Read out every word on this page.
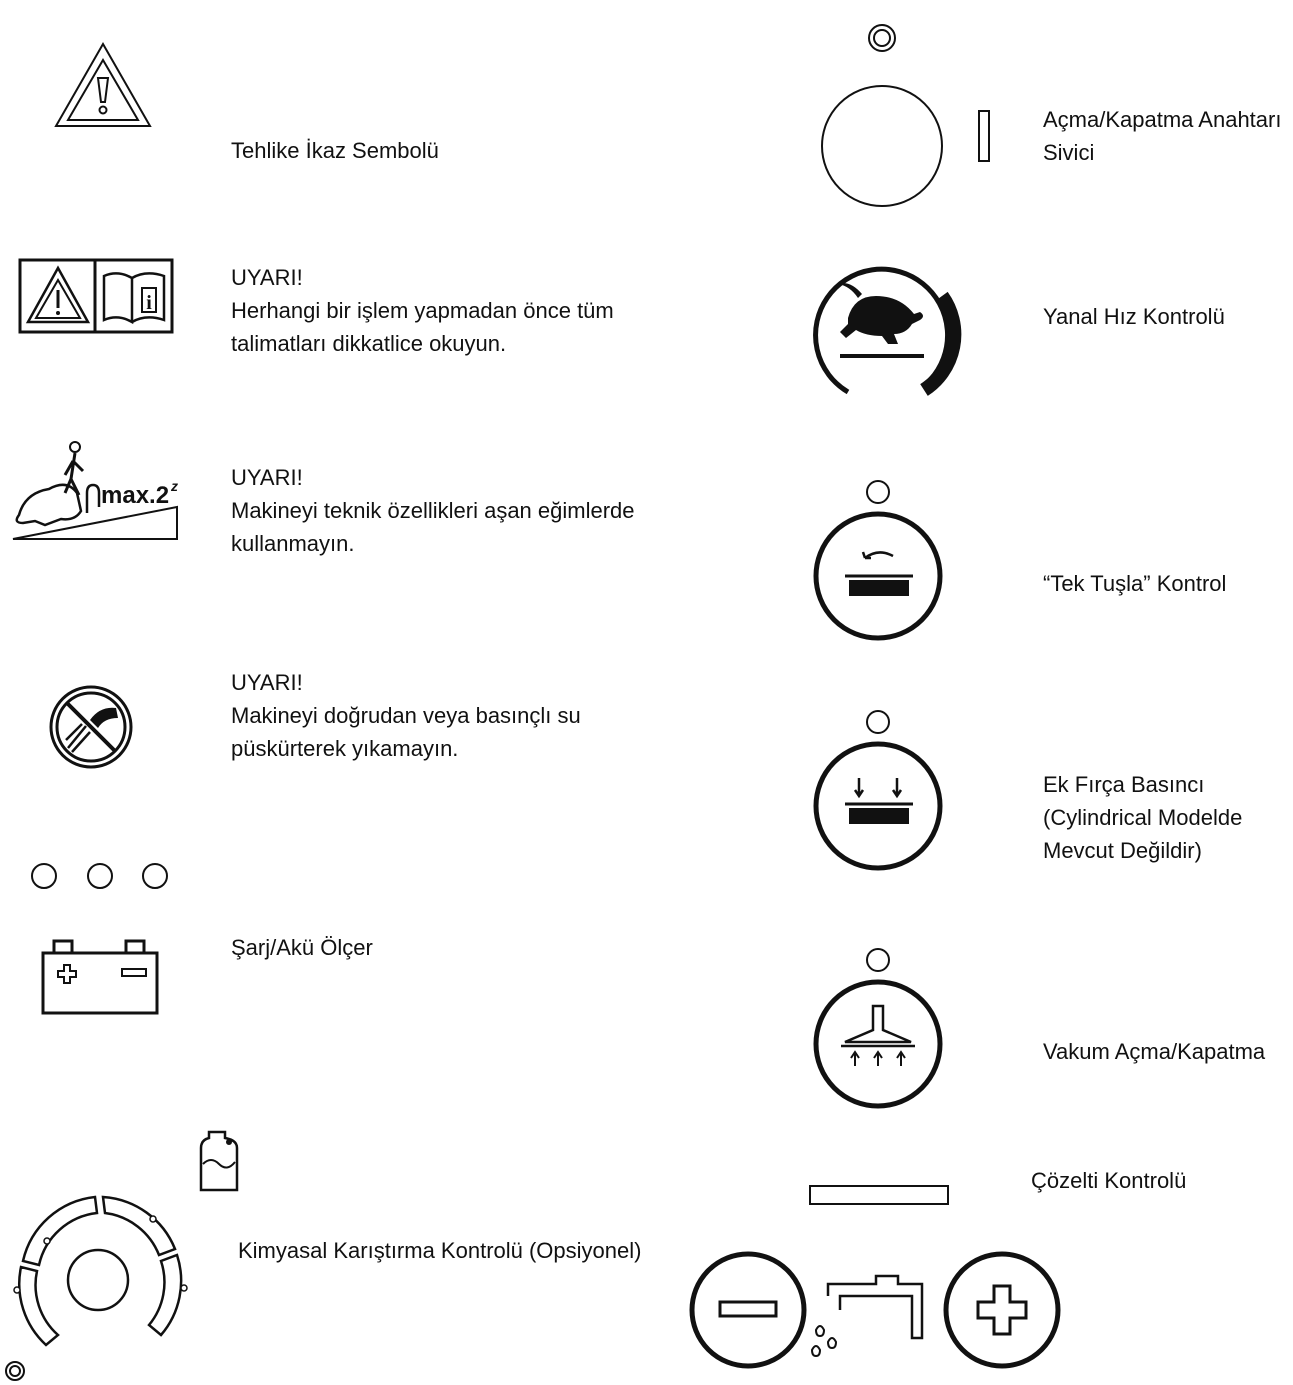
Tehlike İkaz Sembolü
i
UYARI!
Herhangi bir işlem yapmadan önce tüm
talimatları dikkatlice okuyun.
max.2 z UYARI!
Makineyi teknik özellikleri aşan eğimlerde
kullanmayın.
UYARI!
Makineyi doğrudan veya basınçlı su
püskürterek yıkamayın.
Şarj/Akü Ölçer
Kimyasal Karıştırma Kontrolü (Opsiyonel)
Açma/Kapatma Anahtarı
Sivici
Yanal Hız Kontrolü
“Tek Tuşla” Kontrol
Ek Fırça Basıncı
(Cylindrical Modelde
Mevcut Değildir)
Vakum Açma/Kapatma
Çözelti Kontrolü
